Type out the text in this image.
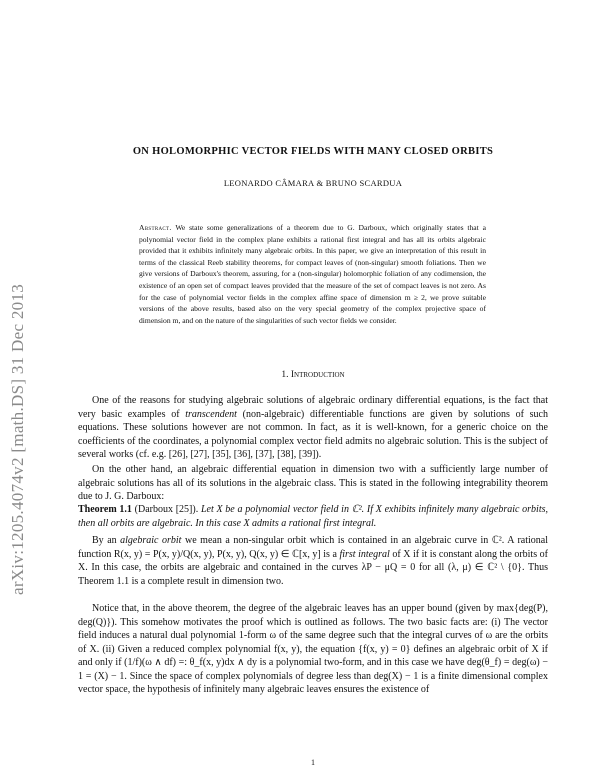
arXiv:1205.4074v2 [math.DS] 31 Dec 2013
ON HOLOMORPHIC VECTOR FIELDS WITH MANY CLOSED ORBITS
LEONARDO CÂMARA & BRUNO SCARDUA
Abstract. We state some generalizations of a theorem due to G. Darboux, which originally states that a polynomial vector field in the complex plane exhibits a rational first integral and has all its orbits algebraic provided that it exhibits infinitely many algebraic orbits. In this paper, we give an interpretation of this result in terms of the classical Reeb stability theorems, for compact leaves of (non-singular) smooth foliations. Then we give versions of Darboux's theorem, assuring, for a (non-singular) holomorphic foliation of any codimension, the existence of an open set of compact leaves provided that the measure of the set of compact leaves is not zero. As for the case of polynomial vector fields in the complex affine space of dimension m ≥ 2, we prove suitable versions of the above results, based also on the very special geometry of the complex projective space of dimension m, and on the nature of the singularities of such vector fields we consider.
1. Introduction

One of the reasons for studying algebraic solutions of algebraic ordinary differential equations, is the fact that very basic examples of transcendent (non-algebraic) differentiable functions are given by solutions of such equations. These solutions however are not common. In fact, as it is well-known, for a generic choice on the coefficients of the coordinates, a polynomial complex vector field admits no algebraic solution. This is the subject of several works (cf. e.g. [26], [27], [35], [36], [37], [38], [39]).

On the other hand, an algebraic differential equation in dimension two with a sufficiently large number of algebraic solutions has all of its solutions in the algebraic class. This is stated in the following integrability theorem due to J. G. Darboux:

Theorem 1.1 (Darboux [25]). Let X be a polynomial vector field in ℂ². If X exhibits infinitely many algebraic orbits, then all orbits are algebraic. In this case X admits a rational first integral.

By an algebraic orbit we mean a non-singular orbit which is contained in an algebraic curve in ℂ². A rational function R(x, y) = P(x, y)/Q(x, y), P(x, y), Q(x, y) ∈ ℂ[x, y] is a first integral of X if it is constant along the orbits of X. In this case, the orbits are algebraic and contained in the curves λP − μQ = 0 for all (λ, μ) ∈ ℂ² \ {0}. Thus Theorem 1.1 is a complete result in dimension two.

Notice that, in the above theorem, the degree of the algebraic leaves has an upper bound (given by max{deg(P), deg(Q)}). This somehow motivates the proof which is outlined as follows. The two basic facts are: (i) The vector field induces a natural dual polynomial 1-form ω of the same degree such that the integral curves of ω are the orbits of X. (ii) Given a reduced complex polynomial f(x, y), the equation {f(x, y) = 0} defines an algebraic orbit of X if and only if (1/f)(ω ∧ df) =: θ_f(x, y)dx ∧ dy is a polynomial two-form, and in this case we have deg(θ_f) = deg(ω) − 1 = (X) − 1. Since the space of complex polynomials of degree less than deg(X) − 1 is a finite dimensional complex vector space, the hypothesis of infinitely many algebraic leaves ensures the existence of

1
